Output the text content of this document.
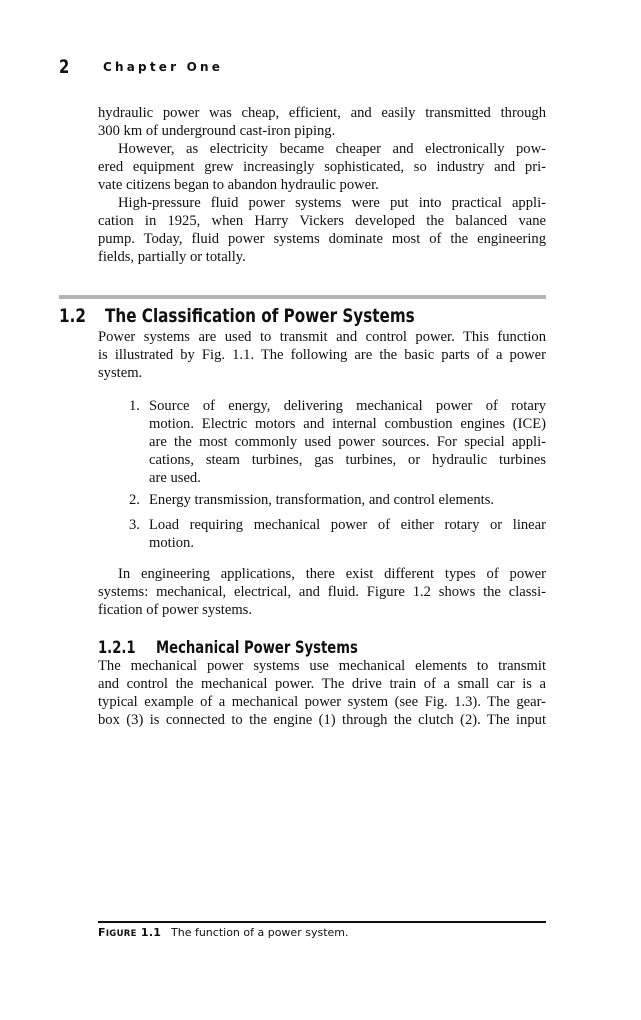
2	Chapter One
hydraulic power was cheap, efficient, and easily transmitted through
300 km of underground cast-iron piping.
However, as electricity became cheaper and electronically pow-
ered equipment grew increasingly sophisticated, so industry and pri-
vate citizens began to abandon hydraulic power.
High-pressure fluid power systems were put into practical appli-
cation in 1925, when Harry Vickers developed the balanced vane
pump. Today, fluid power systems dominate most of the engineering
fields, partially or totally.
1.2 The Classification of Power Systems
Power systems are used to transmit and control power. This function
is illustrated by Fig. 1.1. The following are the basic parts of a power
system.
1. Source of energy, delivering mechanical power of rotary
motion. Electric motors and internal combustion engines (ICE)
are the most commonly used power sources. For special appli-
cations, steam turbines, gas turbines, or hydraulic turbines
are used.
2. Energy transmission, transformation, and control elements.
3. Load requiring mechanical power of either rotary or linear
motion.
In engineering applications, there exist different types of power
systems: mechanical, electrical, and fluid. Figure 1.2 shows the classi-
fication of power systems.
1.2.1 Mechanical Power Systems
The mechanical power systems use mechanical elements to transmit
and control the mechanical power. The drive train of a small car is a
typical example of a mechanical power system (see Fig. 1.3). The gear-
box (3) is connected to the engine (1) through the clutch (2). The input
FIGURE 1.1 The function of a power system.
